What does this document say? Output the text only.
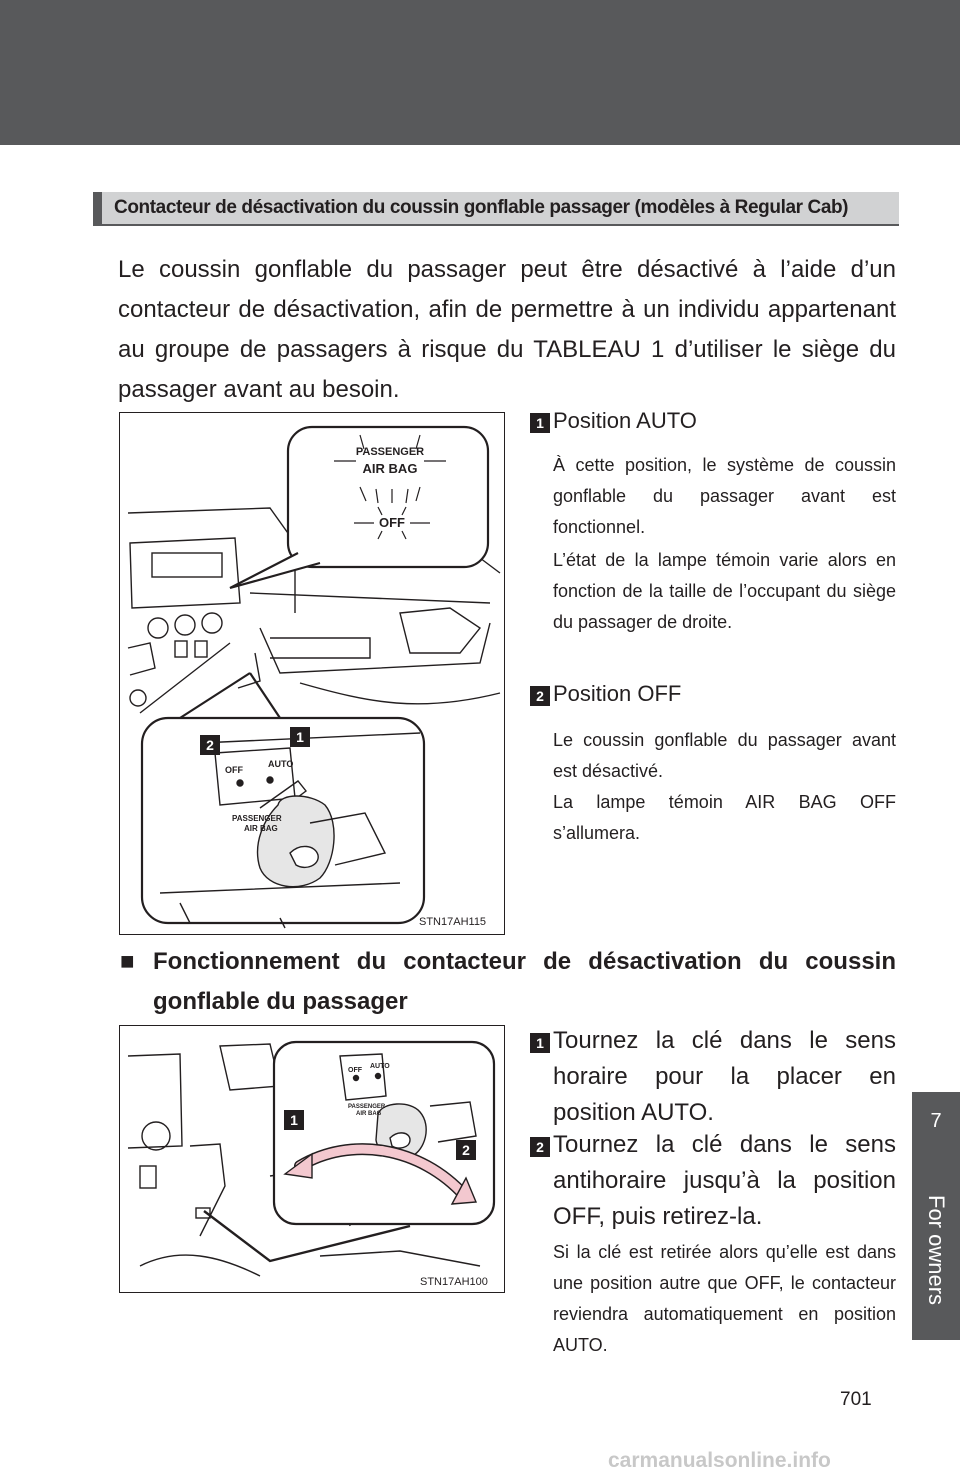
7
For owners
Contacteur de désactivation du coussin gonflable passager (modèles à Regular Cab)

Le coussin gonflable du passager peut être désactivé à l’aide d’un contacteur de désactivation, afin de permettre à un individu appartenant au groupe de passagers à risque du TABLEAU 1 d’utiliser le siège du passager avant au besoin.

PASSENGER
AIR BAG
OFF
OFF
AUTO
PASSENGER
AIR BAG
2	1
STN17AH115
1 Position AUTO

À cette position, le système de coussin gonflable du passager avant est fonctionnel.

L’état de la lampe témoin varie alors en fonction de la taille de l’occupant du siège du passager de droite.

2 Position OFF

Le coussin gonflable du passager avant est désactivé.

La lampe témoin AIR BAG OFF s’allumera.

■ Fonctionnement du contacteur de désactivation du coussin gonflable du passager

OFF
AUTO
PASSENGER
AIR BAG
1
2
STN17AH100
1 Tournez la clé dans le sens horaire pour la placer en position AUTO.

2 Tournez la clé dans le sens antihoraire jusqu’à la position OFF, puis retirez-la.

Si la clé est retirée alors qu’elle est dans une position autre que OFF, le contacteur reviendra automatiquement en position AUTO.

701
carmanualsonline.info
